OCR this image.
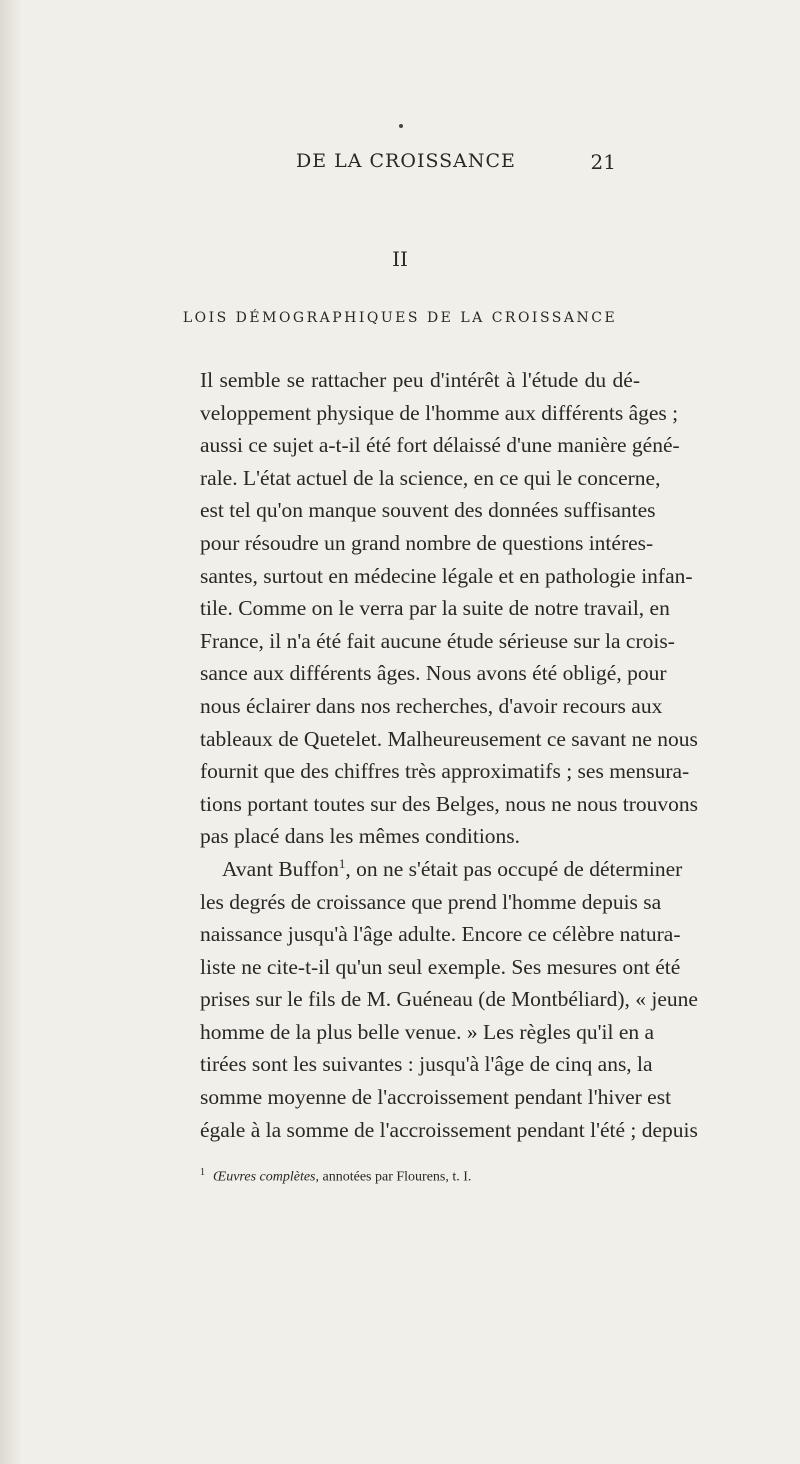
DE LA CROISSANCE	21
II
LOIS DÉMOGRAPHIQUES DE LA CROISSANCE
Il semble se rattacher peu d'intérêt à l'étude du dé-
veloppement physique de l'homme aux différents âges ;
aussi ce sujet a-t-il été fort délaissé d'une manière géné-
rale. L'état actuel de la science, en ce qui le concerne,
est tel qu'on manque souvent des données suffisantes
pour résoudre un grand nombre de questions intéres-
santes, surtout en médecine légale et en pathologie infan-
tile. Comme on le verra par la suite de notre travail, en
France, il n'a été fait aucune étude sérieuse sur la crois-
sance aux différents âges. Nous avons été obligé, pour
nous éclairer dans nos recherches, d'avoir recours aux
tableaux de Quetelet. Malheureusement ce savant ne nous
fournit que des chiffres très approximatifs ; ses mensura-
tions portant toutes sur des Belges, nous ne nous trouvons
pas placé dans les mêmes conditions.
Avant Buffon$^1$, on ne s'était pas occupé de déterminer
les degrés de croissance que prend l'homme depuis sa
naissance jusqu'à l'âge adulte. Encore ce célèbre natura-
liste ne cite-t-il qu'un seul exemple. Ses mesures ont été
prises sur le fils de M. Guéneau (de Montbéliard), « jeune
homme de la plus belle venue. » Les règles qu'il en a
tirées sont les suivantes : jusqu'à l'âge de cinq ans, la
somme moyenne de l'accroissement pendant l'hiver est
égale à la somme de l'accroissement pendant l'été ; depuis
$^1$ Œuvres complètes, annotées par Flourens, t. I.
